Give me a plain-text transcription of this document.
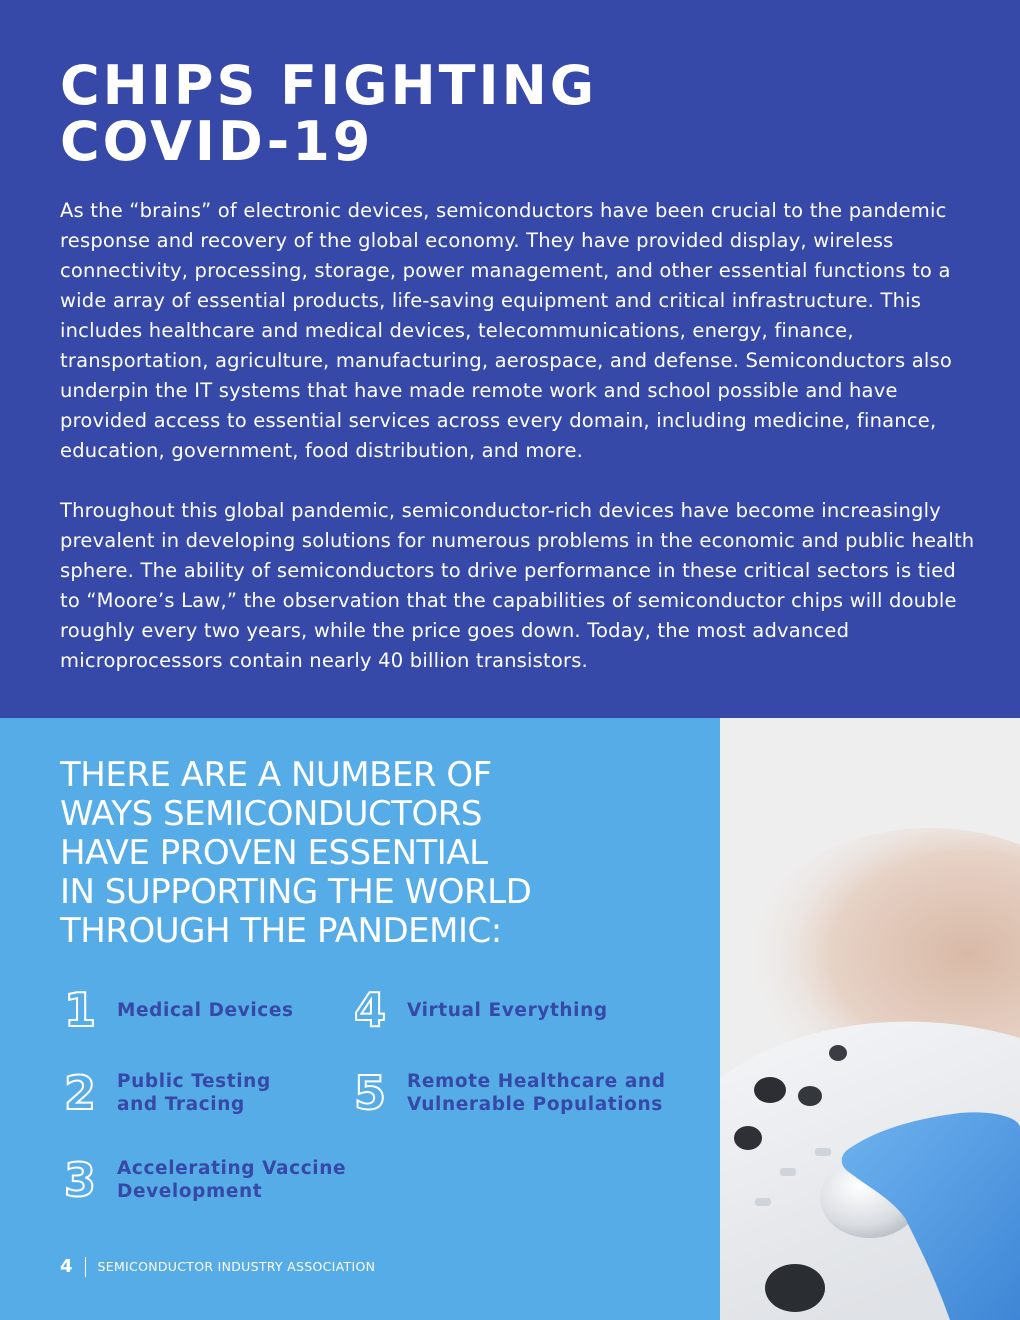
CHIPS FIGHTING
COVID-19

As the “brains” of electronic devices, semiconductors have been crucial to the pandemic response and recovery of the global economy. They have provided display, wireless connectivity, processing, storage, power management, and other essential functions to a wide array of essential products, life-saving equipment and critical infrastructure. This includes healthcare and medical devices, telecommunications, energy, finance, transportation, agriculture, manufacturing, aerospace, and defense. Semiconductors also underpin the IT systems that have made remote work and school possible and have provided access to essential services across every domain, including medicine, finance, education, government, food distribution, and more.

Throughout this global pandemic, semiconductor-rich devices have become increasingly prevalent in developing solutions for numerous problems in the economic and public health sphere. The ability of semiconductors to drive performance in these critical sectors is tied to “Moore’s Law,” the observation that the capabilities of semiconductor chips will double roughly every two years, while the price goes down. Today, the most advanced microprocessors contain nearly 40 billion transistors.

THERE ARE A NUMBER OF
WAYS SEMICONDUCTORS
HAVE PROVEN ESSENTIAL
IN SUPPORTING THE WORLD
THROUGH THE PANDEMIC:
1 Medical Devices
2 Public Testing
and Tracing
3 Accelerating Vaccine
Development
4 Virtual Everything
5 Remote Healthcare and
Vulnerable Populations
4 SEMICONDUCTOR INDUSTRY ASSOCIATION
